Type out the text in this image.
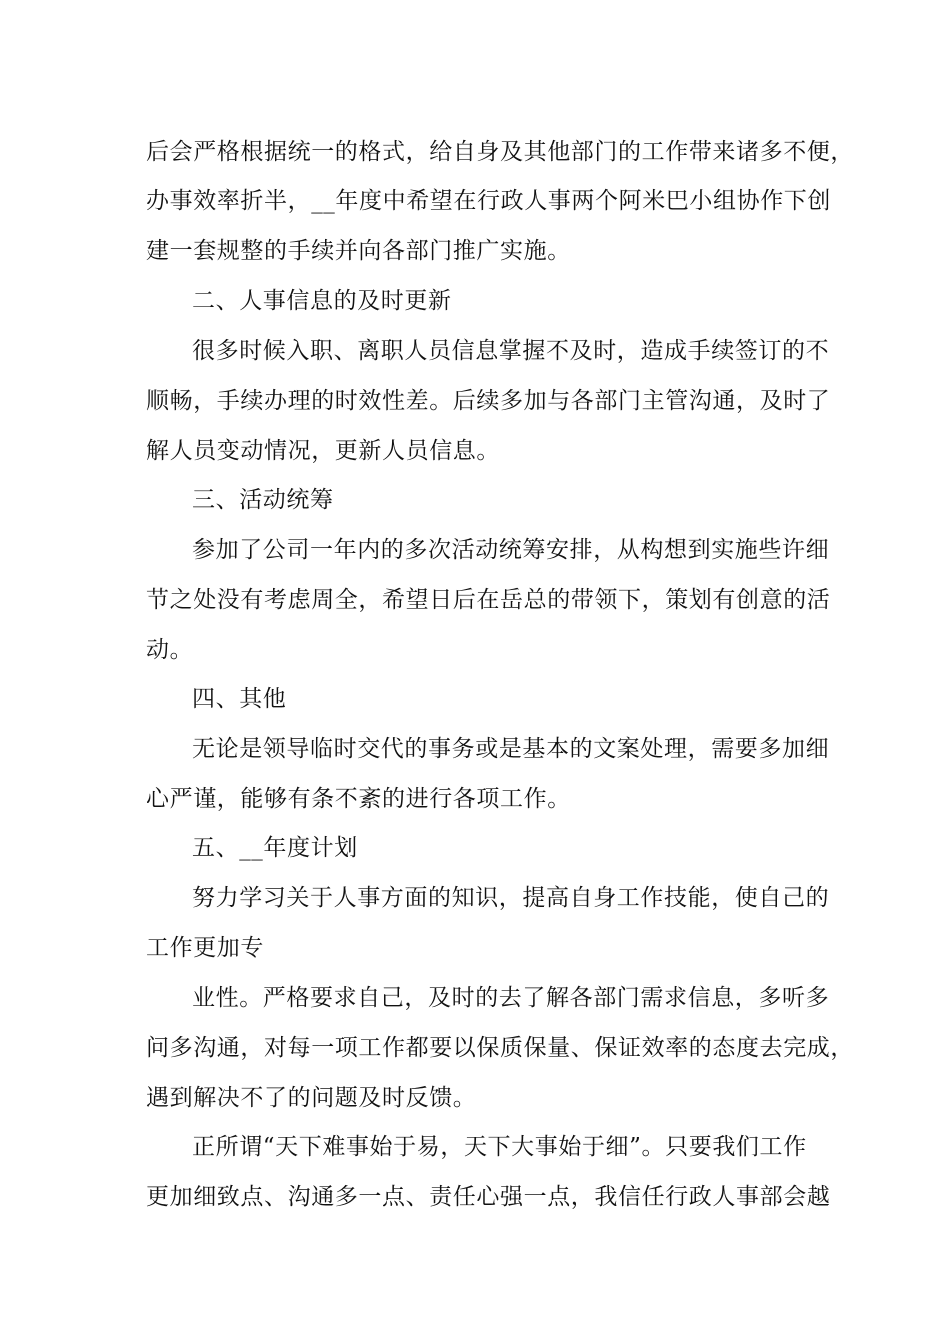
后会严格根据统一的格式，给自身及其他部门的工作带来诸多不便，
办事效率折半，__年度中希望在行政人事两个阿米巴小组协作下创
建一套规整的手续并向各部门推广实施。
二、人事信息的及时更新
很多时候入职、离职人员信息掌握不及时，造成手续签订的不
顺畅，手续办理的时效性差。后续多加与各部门主管沟通，及时了
解人员变动情况，更新人员信息。
三、活动统筹
参加了公司一年内的多次活动统筹安排，从构想到实施些许细
节之处没有考虑周全，希望日后在岳总的带领下，策划有创意的活
动。
四、其他
无论是领导临时交代的事务或是基本的文案处理，需要多加细
心严谨，能够有条不紊的进行各项工作。
五、__年度计划
努力学习关于人事方面的知识，提高自身工作技能，使自己的
工作更加专
业性。严格要求自己，及时的去了解各部门需求信息，多听多
问多沟通，对每一项工作都要以保质保量、保证效率的态度去完成，
遇到解决不了的问题及时反馈。
正所谓“天下难事始于易，天下大事始于细”。只要我们工作
更加细致点、沟通多一点、责任心强一点，我信任行政人事部会越
